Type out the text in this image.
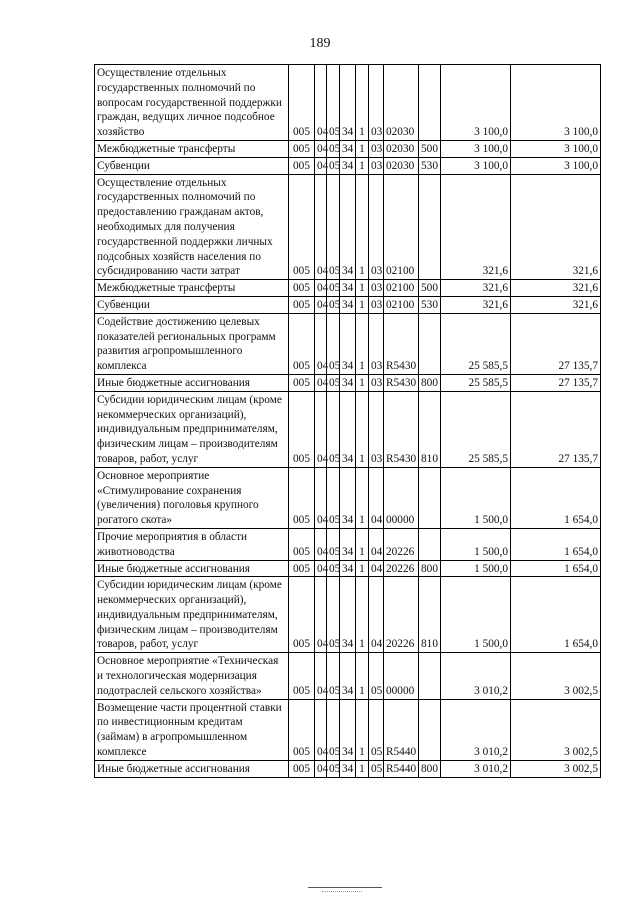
189
Осуществление отдельных государственных полномочий по вопросам государственной поддержки граждан, ведущих личное подсобное хозяйство	005	04	05	34	1	03	02030		3 100,0	3 100,0
Межбюджетные трансферты	005	04	05	34	1	03	02030	500	3 100,0	3 100,0
Субвенции	005	04	05	34	1	03	02030	530	3 100,0	3 100,0
Осуществление отдельных государственных полномочий по предоставлению гражданам актов, необходимых для получения государственной поддержки личных подсобных хозяйств населения по субсидированию части затрат	005	04	05	34	1	03	02100		321,6	321,6
Межбюджетные трансферты	005	04	05	34	1	03	02100	500	321,6	321,6
Субвенции	005	04	05	34	1	03	02100	530	321,6	321,6
Содействие достижению целевых показателей региональных программ развития агропромышленного комплекса	005	04	05	34	1	03	R5430		25 585,5	27 135,7
Иные бюджетные ассигнования	005	04	05	34	1	03	R5430	800	25 585,5	27 135,7
Субсидии юридическим лицам (кроме некоммерческих организаций), индивидуальным предпринимателям, физическим лицам – производителям товаров, работ, услуг	005	04	05	34	1	03	R5430	810	25 585,5	27 135,7
Основное мероприятие «Стимулирование сохранения (увеличения) поголовья крупного рогатого скота»	005	04	05	34	1	04	00000		1 500,0	1 654,0
Прочие мероприятия в области животноводства	005	04	05	34	1	04	20226		1 500,0	1 654,0
Иные бюджетные ассигнования	005	04	05	34	1	04	20226	800	1 500,0	1 654,0
Субсидии юридическим лицам (кроме некоммерческих организаций), индивидуальным предпринимателям, физическим лицам – производителям товаров, работ, услуг	005	04	05	34	1	04	20226	810	1 500,0	1 654,0
Основное мероприятие «Техническая и технологическая модернизация подотраслей сельского хозяйства»	005	04	05	34	1	05	00000		3 010,2	3 002,5
Возмещение части процентной ставки по инвестиционным кредитам (займам) в агропромышленном комплексе	005	04	05	34	1	05	R5440		3 010,2	3 002,5
Иные бюджетные ассигнования	005	04	05	34	1	05	R5440	800	3 010,2	3 002,5
